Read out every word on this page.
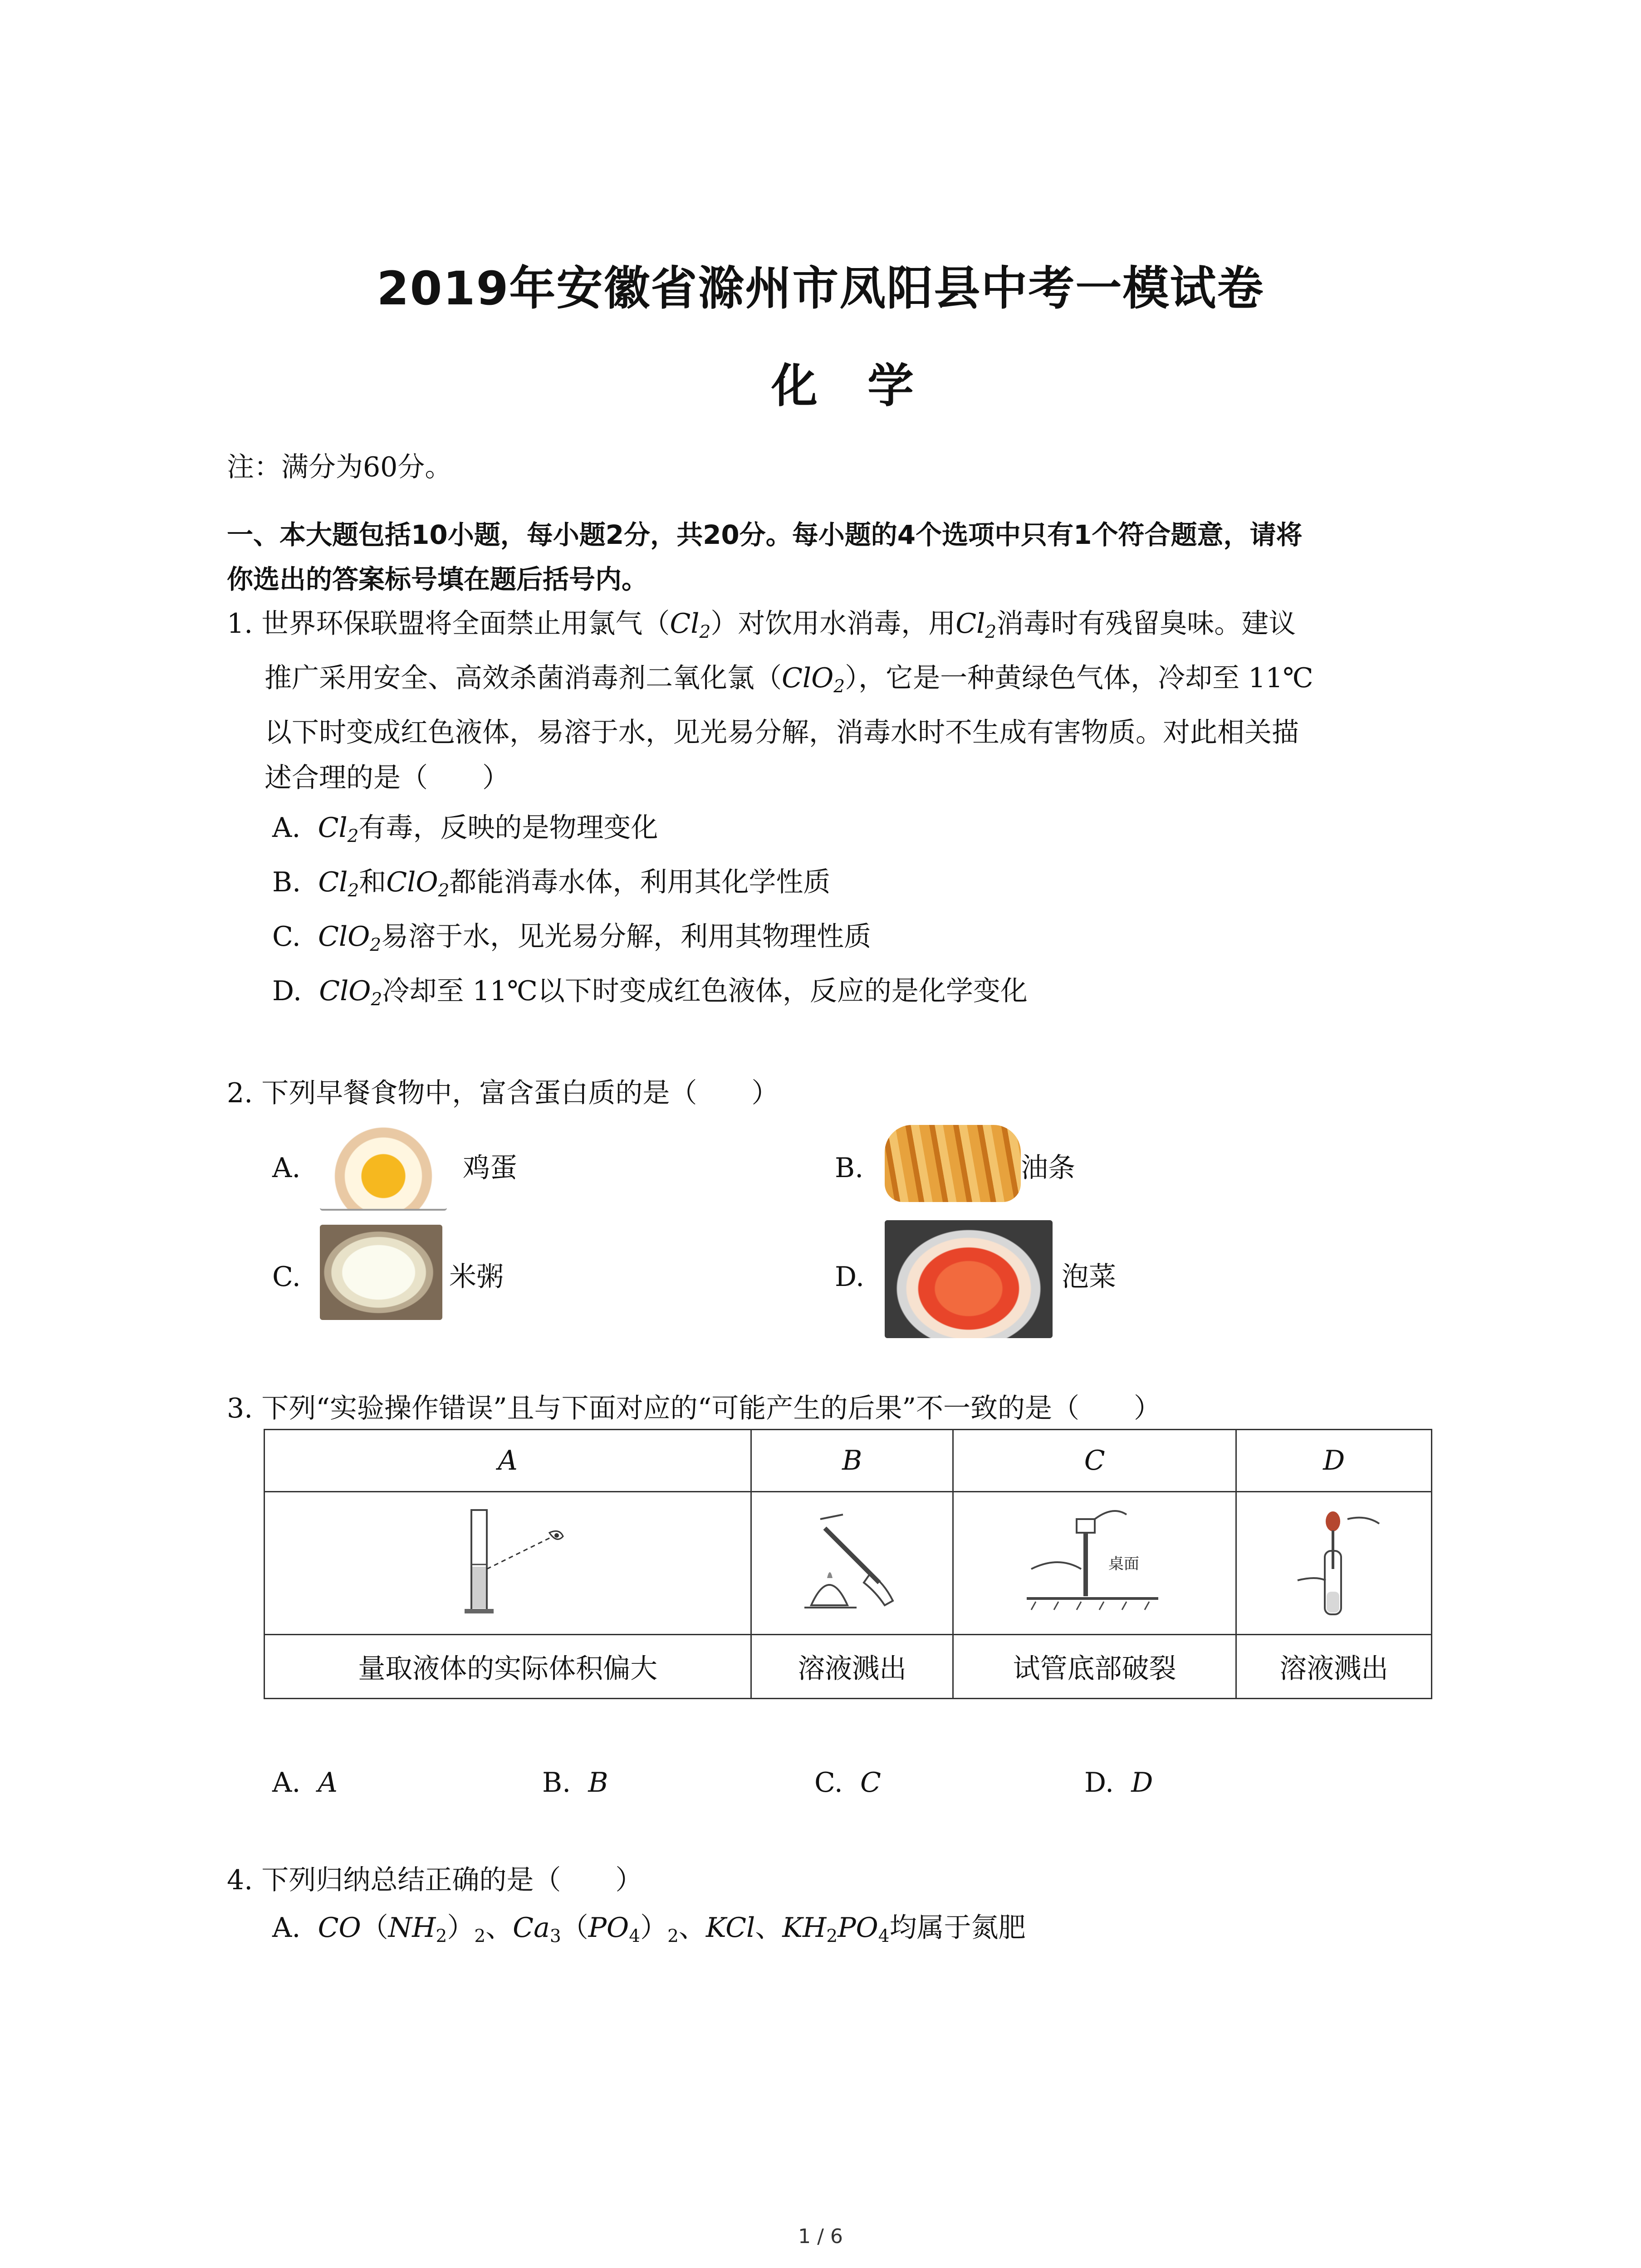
2019年安徽省滁州市凤阳县中考一模试卷
化学
注：满分为60分。
一、本大题包括10小题，每小题2分，共20分。每小题的4个选项中只有1个符合题意，请将
你选出的答案标号填在题后括号内。
1. 世界环保联盟将全面禁止用氯气$(Cl_2)$对饮用水消毒，用$Cl_2$消毒时有残留臭味。建议
推广采用安全、高效杀菌消毒剂二氧化氯（ClO$_2$），它是一种黄绿色气体，冷却至 11℃
以下时变成红色液体，易溶于水，见光易分解，消毒水时不生成有害物质。对此相关描
述合理的是（　　）
A. $Cl_2$有毒，反映的是物理变化
B. $Cl_2$和ClO$_2$都能消毒水体，利用其化学性质
C. ClO$_2$易溶于水，见光易分解，利用其物理性质
D. ClO$_2$冷却至 11℃以下时变成红色液体，反应的是化学变化
2. 下列早餐食物中，富含蛋白质的是（　　）
A.	鸡蛋	B.	油条
C.	米粥	D.	泡菜
3. 下列“实验操作错误”且与下面对应的“可能产生的后果”不一致的是（　　）
A	B	C	D

桌面

量取液体的实际体积偏大	溶液溅出	试管底部破裂	溶液溅出
A. A	B. B	C. C	D. D
4. 下列归纳总结正确的是（　　）
A. $CO(NH_2)_2$、$Ca_3(PO_4)_2$、KCl、$KH_2PO_4$均属于氮肥
1 / 6
